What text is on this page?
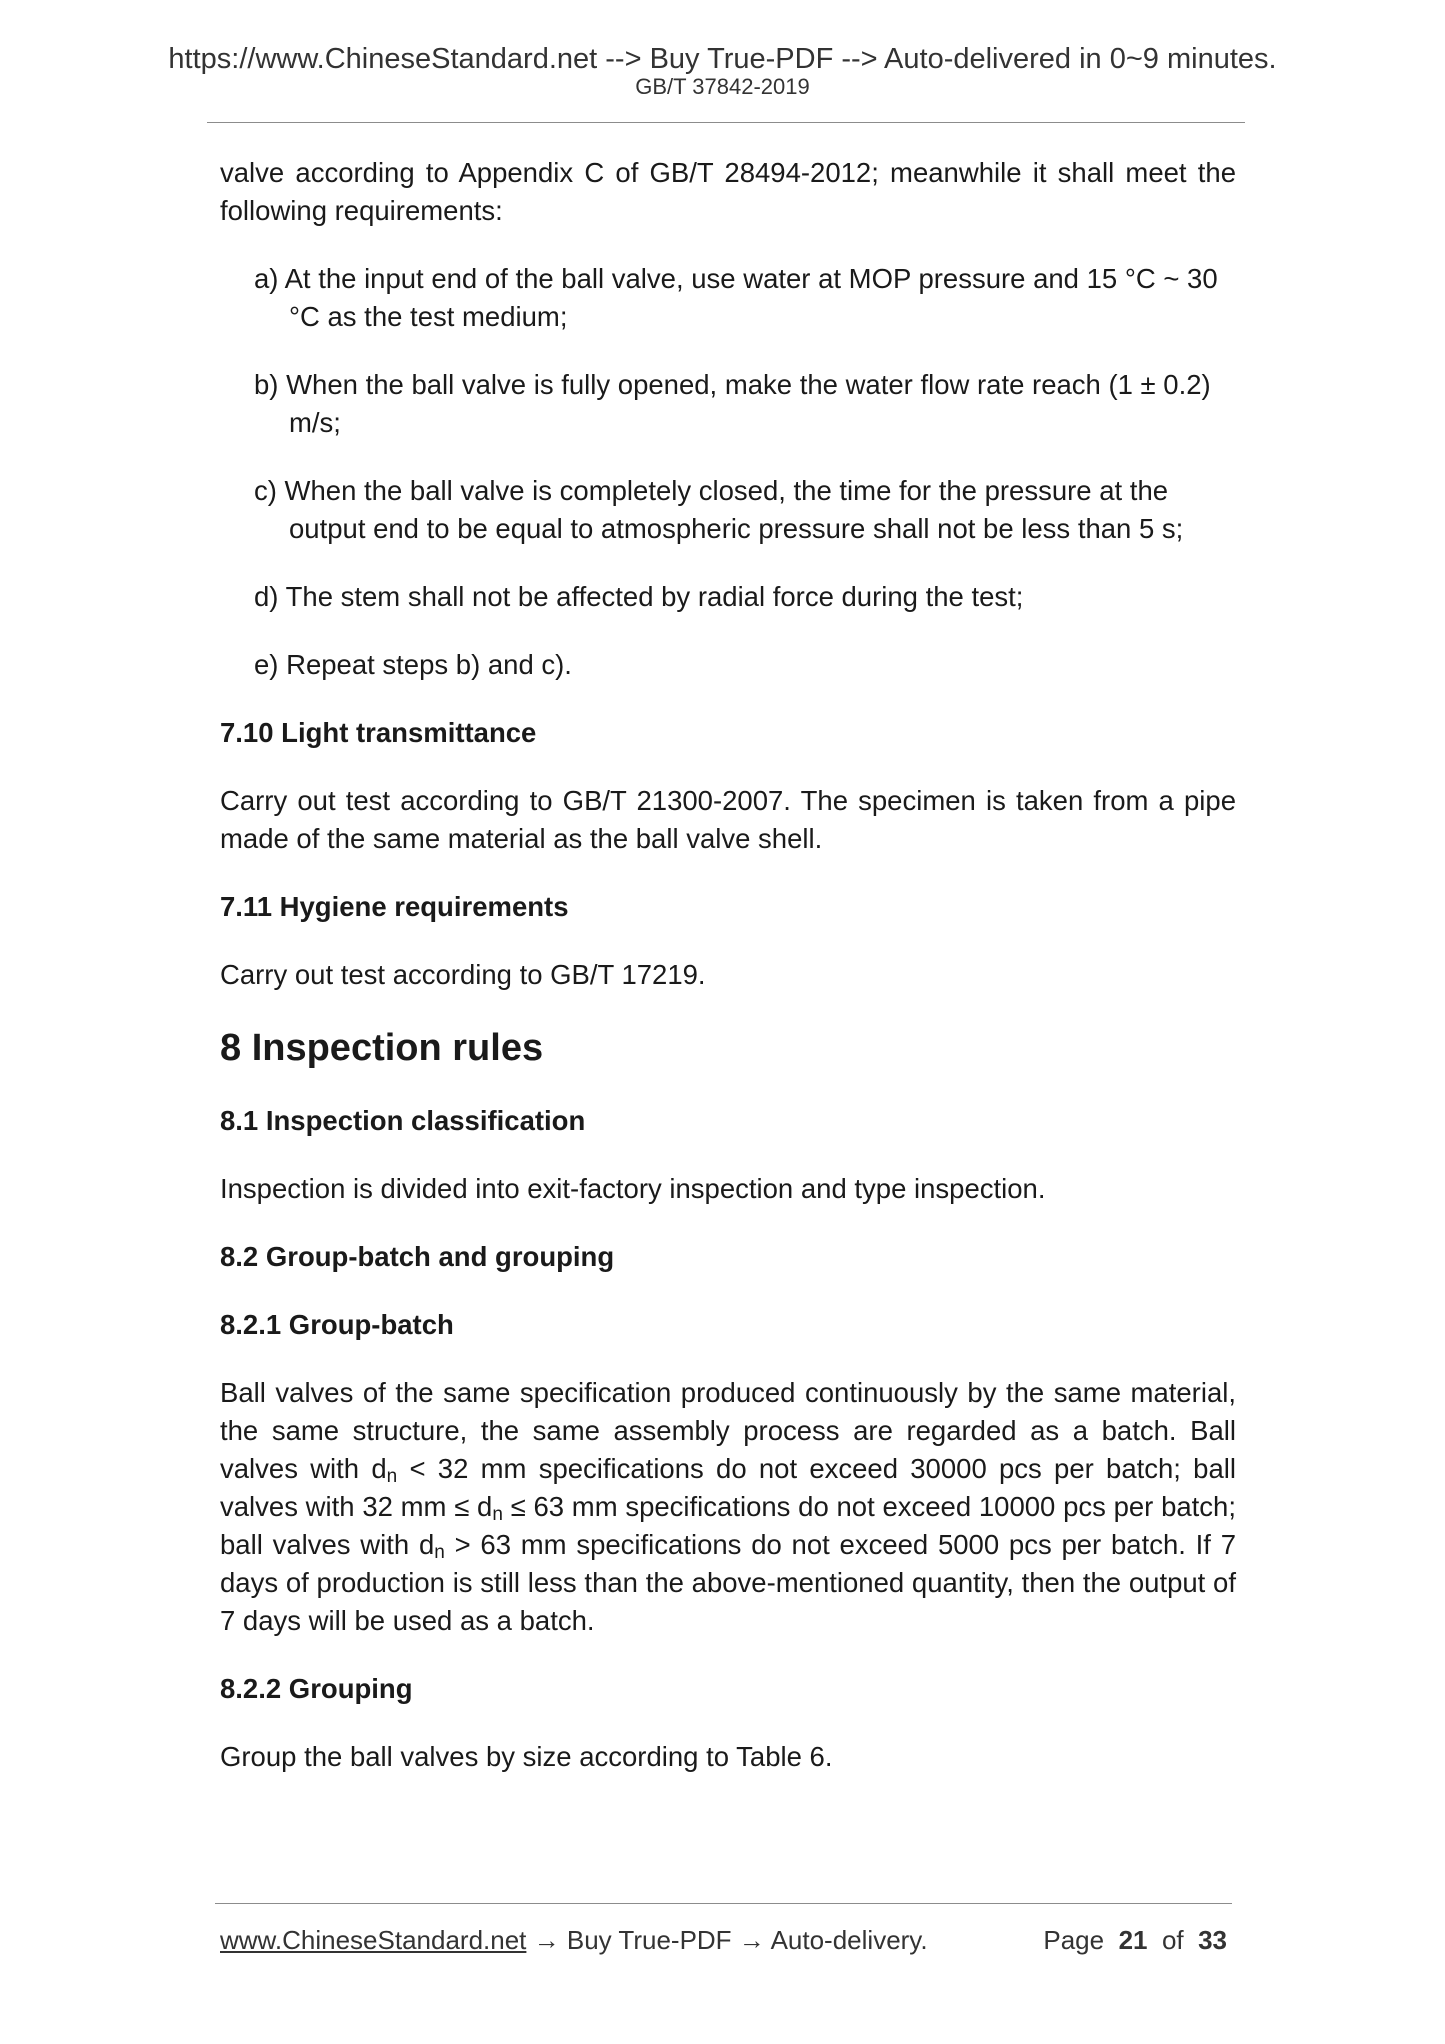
https://www.ChineseStandard.net --> Buy True-PDF --> Auto-delivered in 0~9 minutes.
GB/T 37842-2019

valve according to Appendix C of GB/T 28494-2012; meanwhile it shall meet the following requirements:

a) At the input end of the ball valve, use water at MOP pressure and 15 °C ~ 30 °C as the test medium;

b) When the ball valve is fully opened, make the water flow rate reach (1 ± 0.2) m/s;

c) When the ball valve is completely closed, the time for the pressure at the output end to be equal to atmospheric pressure shall not be less than 5 s;

d) The stem shall not be affected by radial force during the test;

e) Repeat steps b) and c).

7.10 Light transmittance

Carry out test according to GB/T 21300-2007. The specimen is taken from a pipe made of the same material as the ball valve shell.

7.11 Hygiene requirements

Carry out test according to GB/T 17219.

8 Inspection rules

8.1 Inspection classification

Inspection is divided into exit-factory inspection and type inspection.

8.2 Group-batch and grouping

8.2.1 Group-batch

Ball valves of the same specification produced continuously by the same material, the same structure, the same assembly process are regarded as a batch. Ball valves with $d_n < 32$ mm specifications do not exceed 30000 pcs per batch; ball valves with 32 mm ≤ $d_n \le 63$ mm specifications do not exceed 10000 pcs per batch; ball valves with $d_n > 63$ mm specifications do not exceed 5000 pcs per batch. If 7 days of production is still less than the above-mentioned quantity, then the output of 7 days will be used as a batch.

8.2.2 Grouping

Group the ball valves by size according to Table 6.

www.ChineseStandard.net → Buy True-PDF → Auto-delivery.	Page 21 of 33
